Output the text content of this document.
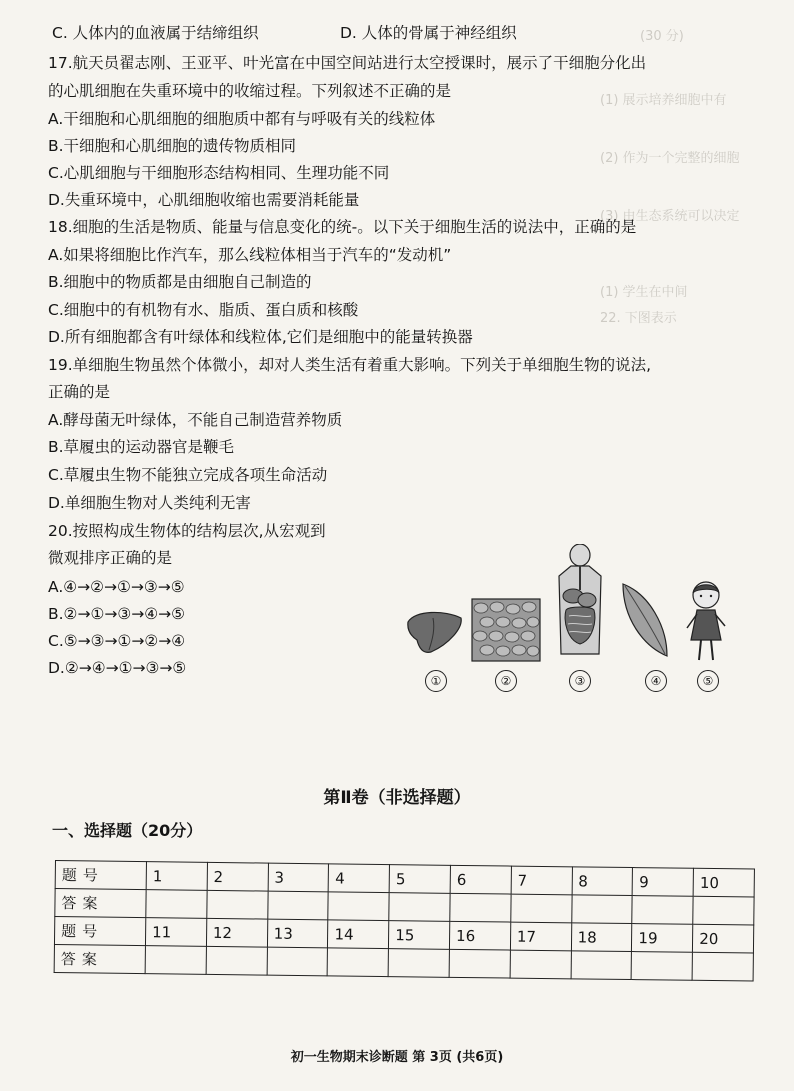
(30 分)
(1) 展示培养细胞中有
(2) 作为一个完整的细胞
(3) 由生态系统可以决定
(1) 学生在中间
22. 下图表示
C. 人体内的血液属于结缔组织	D. 人体的骨属于神经组织
17.航天员翟志刚、王亚平、叶光富在中国空间站进行太空授课时，展示了干细胞分化出
的心肌细胞在失重环境中的收缩过程。下列叙述不正确的是
A.干细胞和心肌细胞的细胞质中都有与呼吸有关的线粒体
B.干细胞和心肌细胞的遗传物质相同
C.心肌细胞与干细胞形态结构相同、生理功能不同
D.失重环境中，心肌细胞收缩也需要消耗能量
18.细胞的生活是物质、能量与信息变化的统-。以下关于细胞生活的说法中，正确的是
A.如果将细胞比作汽车，那么线粒体相当于汽车的“发动机”
B.细胞中的物质都是由细胞自己制造的
C.细胞中的有机物有水、脂质、蛋白质和核酸
D.所有细胞都含有叶绿体和线粒体,它们是细胞中的能量转换器
19.单细胞生物虽然个体微小，却对人类生活有着重大影响。下列关于单细胞生物的说法,
正确的是
A.酵母菌无叶绿体，不能自己制造营养物质
B.草履虫的运动器官是鞭毛
C.草履虫生物不能独立完成各项生命活动
D.单细胞生物对人类纯利无害
20.按照构成生物体的结构层次,从宏观到
微观排序正确的是
A.④→②→①→③→⑤
B.②→①→③→④→⑤
C.⑤→③→①→②→④
D.②→④→①→③→⑤
①	②	③	④	⑤
第Ⅱ卷（非选择题）
一、选择题（20分）
题号	1	2	3	4	5	6	7	8	9	10
答案										
题号	11	12	13	14	15	16	17	18	19	20
答案										
初一生物期末诊断题 第 3页 (共6页)
